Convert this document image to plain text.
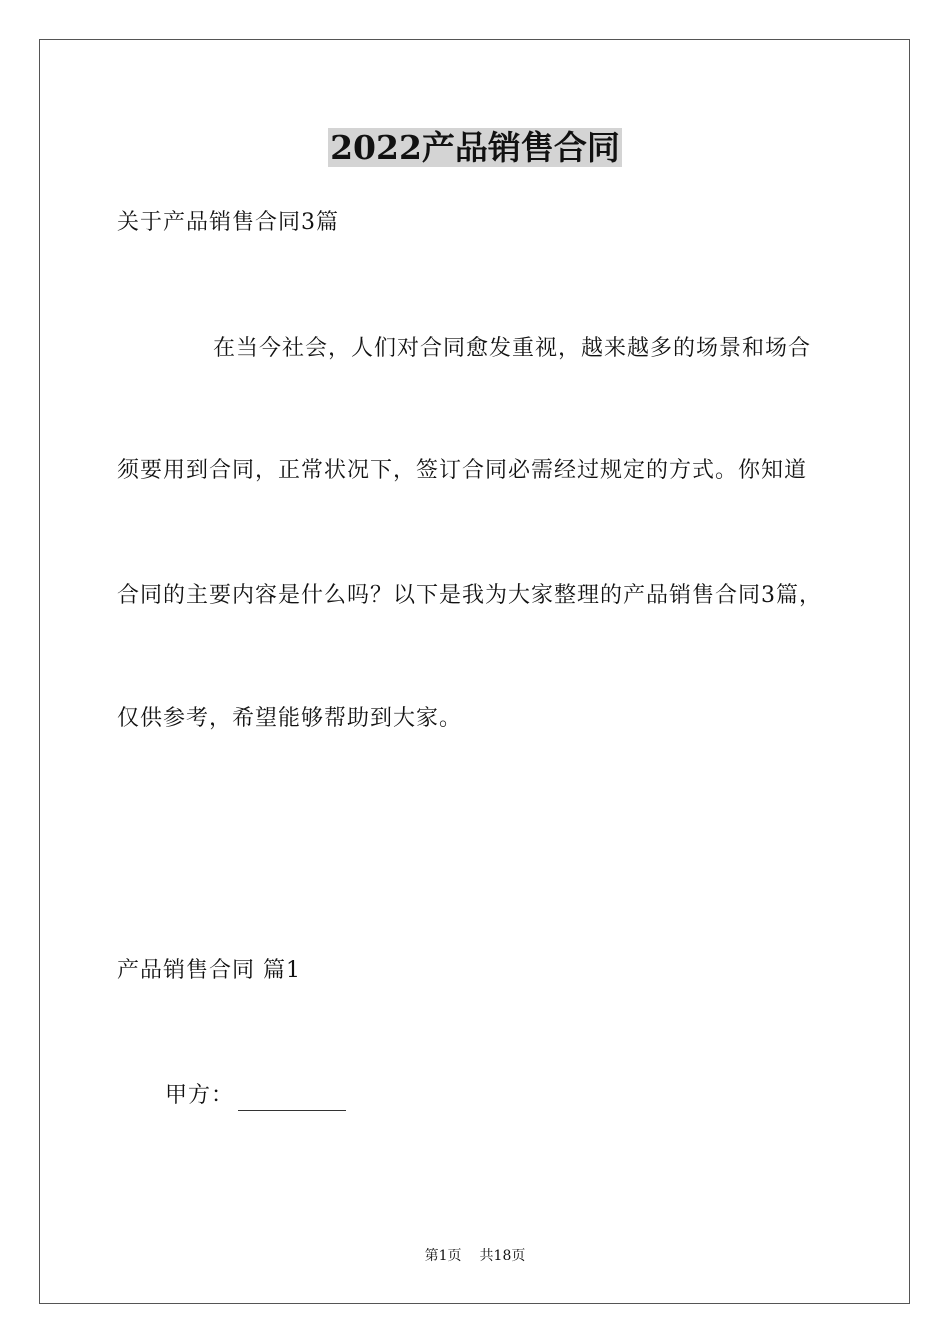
2022产品销售合同
关于产品销售合同3篇
在当今社会，人们对合同愈发重视，越来越多的场景和场合
须要用到合同，正常状况下，签订合同必需经过规定的方式。你知道
合同的主要内容是什么吗？以下是我为大家整理的产品销售合同3篇，
仅供参考，希望能够帮助到大家。
产品销售合同 篇1
甲方：
第1页 共18页
